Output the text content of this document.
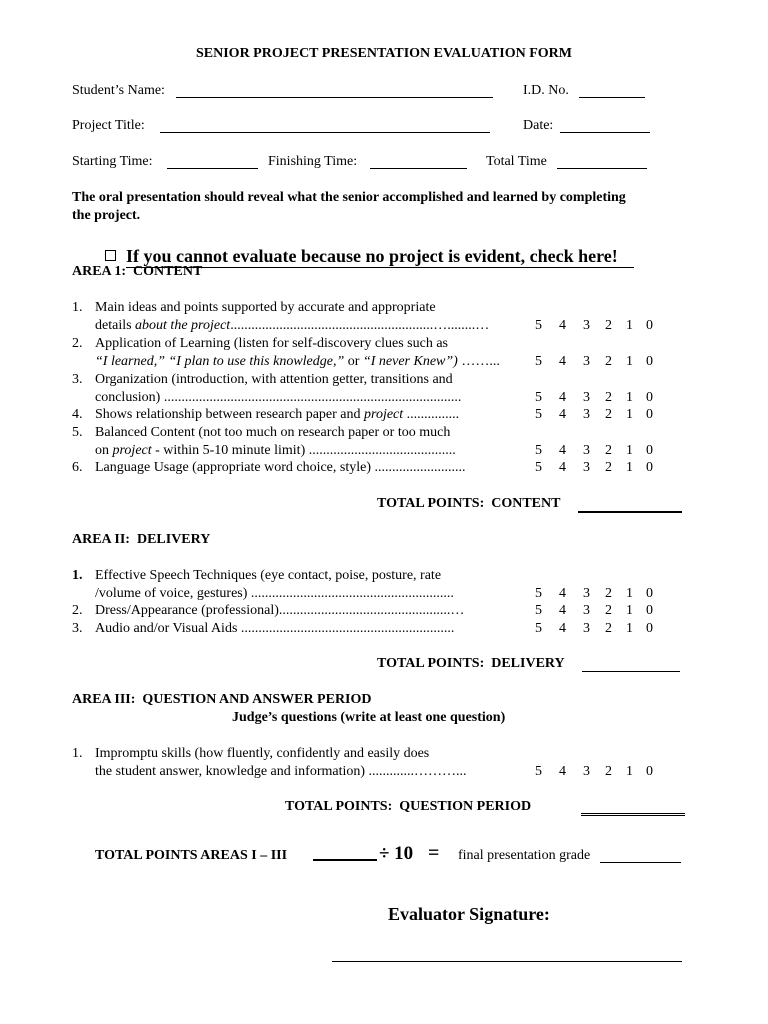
SENIOR PROJECT PRESENTATION EVALUATION FORM
Student’s Name:	I.D. No.
Project Title:	Date:
Starting Time:	Finishing Time:	Total Time
The oral presentation should reveal what the senior accomplished and learned by completing
the project.

If you cannot evaluate because no project is evident, check here!

AREA 1:  CONTENT
1. Main ideas and points supported by accurate and appropriate
details about the project..........................................................…........…	5 4 3 2 1 0
2. Application of Learning (listen for self-discovery clues such as
“I learned,” “I plan to use this knowledge,” or “I never Knew”) ……...	5 4 3 2 1 0
3. Organization (introduction, with attention getter, transitions and
conclusion) .....................................................................................	5 4 3 2 1 0
4. Shows relationship between research paper and project ...............	5 4 3 2 1 0
5. Balanced Content (not too much on research paper or too much
on project - within 5-10 minute limit) ..........................................	5 4 3 2 1 0
6. Language Usage (appropriate word choice, style) ..........................	5 4 3 2 1 0
TOTAL POINTS:  CONTENT
AREA II:  DELIVERY
1. Effective Speech Techniques (eye contact, poise, posture, rate
/volume of voice, gestures) ..........................................................	5 4 3 2 1 0
2. Dress/Appearance (professional).................................................…	5 4 3 2 1 0
3. Audio and/or Visual Aids .............................................................	5 4 3 2 1 0
TOTAL POINTS:  DELIVERY
AREA III:  QUESTION AND ANSWER PERIOD
Judge’s questions (write at least one question)
1. Impromptu skills (how fluently, confidently and easily does
the student answer, knowledge and information) .............………...	5 4 3 2 1 0
TOTAL POINTS:  QUESTION PERIOD
TOTAL POINTS AREAS I – III	÷ 10 = final presentation grade
Evaluator Signature:
